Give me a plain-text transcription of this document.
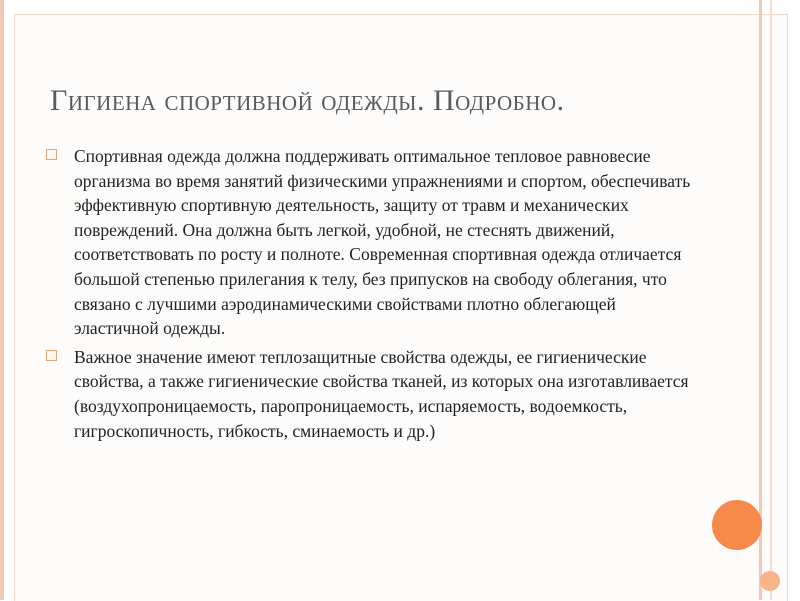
Гигиена спортивной одежды. Подробно.
Спортивная одежда должна поддерживать оптимальное тепловое равновесие организма во время занятий физическими упражнениями и спортом, обеспечивать эффективную спортивную деятельность, защиту от травм и механических повреждений. Она должна быть легкой, удобной, не стеснять движений, соответствовать по росту и полноте. Современная спортивная одежда отличается большой степенью прилегания к телу, без припусков на свободу облегания, что связано с лучшими аэродинамическими свойствами плотно облегающей эластичной одежды.
Важное значение имеют теплозащитные свойства одежды, ее гигиенические свойства, а также гигиенические свойства тканей, из которых она изготавливается (воздухопроницаемость, паропроницаемость, испаряемость, водоемкость, гигроскопичность, гибкость, сминаемость и др.)
